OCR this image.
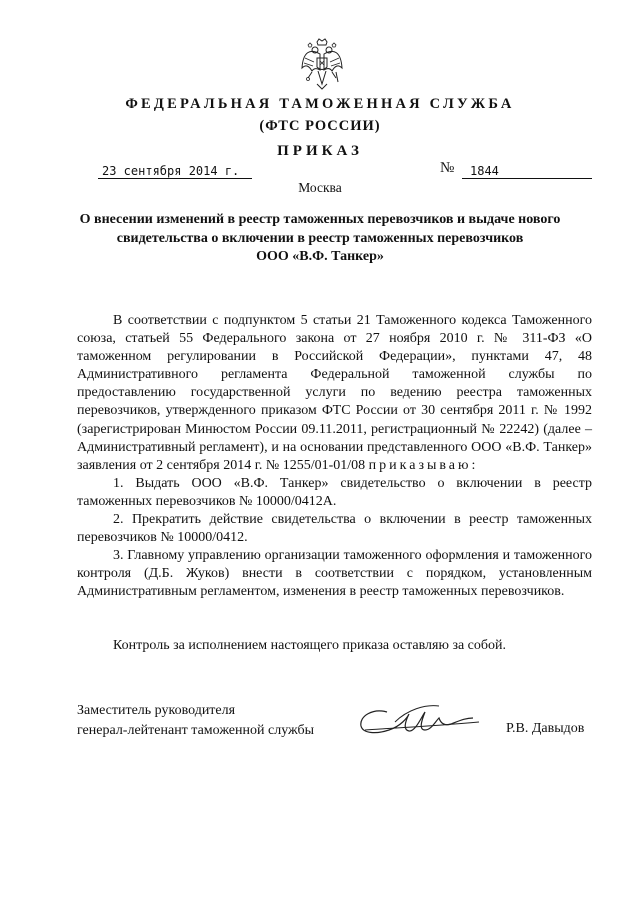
ФЕДЕРАЛЬНАЯ ТАМОЖЕННАЯ СЛУЖБА
(ФТС РОССИИ)
ПРИКАЗ
23 сентября 2014 г.	№	1844
Москва
О внесении изменений в реестр таможенных перевозчиков и выдаче нового
свидетельства о включении в реестр таможенных перевозчиков
ООО «В.Ф. Танкер»

В соответствии с подпунктом 5 статьи 21 Таможенного кодекса Таможенного союза, статьей 55 Федерального закона от 27 ноября 2010 г. № 311-ФЗ «О таможенном регулировании в Российской Федерации», пунктами 47, 48 Административного регламента Федеральной таможенной службы по предоставлению государственной услуги по ведению реестра таможенных перевозчиков, утвержденного приказом ФТС России от 30 сентября 2011 г. № 1992 (зарегистрирован Минюстом России 09.11.2011, регистрационный № 22242) (далее – Административный регламент), и на основании представленного ООО «В.Ф. Танкер» заявления от 2 сентября 2014 г. № 1255/01-01/08 приказываю:

1. Выдать ООО «В.Ф. Танкер» свидетельство о включении в реестр таможенных перевозчиков № 10000/0412А.

2. Прекратить действие свидетельства о включении в реестр таможенных перевозчиков № 10000/0412.

3. Главному управлению организации таможенного оформления и таможенного контроля (Д.Б. Жуков) внести в соответствии с порядком, установленным Административным регламентом, изменения в реестр таможенных перевозчиков.

Контроль за исполнением настоящего приказа оставляю за собой.
Заместитель руководителя
генерал-лейтенант таможенной службы	Р.В. Давыдов
